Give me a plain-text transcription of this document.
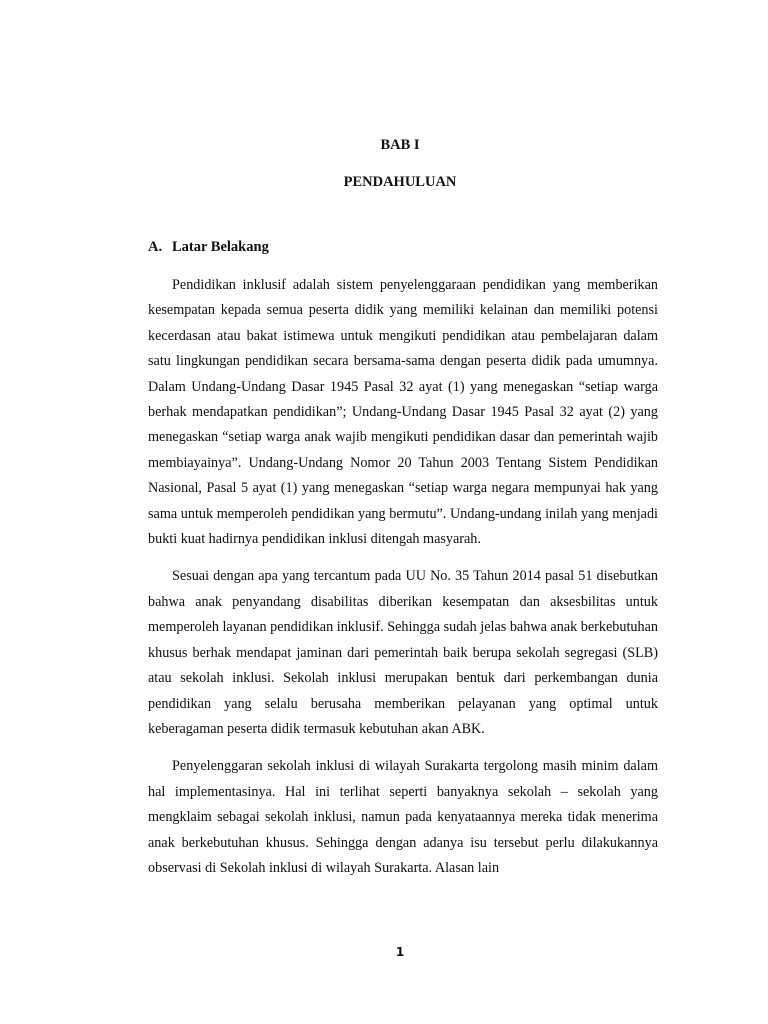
BAB I
PENDAHULUAN
A. Latar Belakang

Pendidikan inklusif adalah sistem penyelenggaraan pendidikan yang memberikan kesempatan kepada semua peserta didik yang memiliki kelainan dan memiliki potensi kecerdasan atau bakat istimewa untuk mengikuti pendidikan atau pembelajaran dalam satu lingkungan pendidikan secara bersama-sama dengan peserta didik pada umumnya. Dalam Undang-Undang Dasar 1945 Pasal 32 ayat (1) yang menegaskan “setiap warga berhak mendapatkan pendidikan”; Undang-Undang Dasar 1945 Pasal 32 ayat (2) yang menegaskan “setiap warga anak wajib mengikuti pendidikan dasar dan pemerintah wajib membiayainya”. Undang-Undang Nomor 20 Tahun 2003 Tentang Sistem Pendidikan Nasional, Pasal 5 ayat (1) yang menegaskan “setiap warga negara mempunyai hak yang sama untuk memperoleh pendidikan yang bermutu”. Undang-undang inilah yang menjadi bukti kuat hadirnya pendidikan inklusi ditengah masyarah.

Sesuai dengan apa yang tercantum pada UU No. 35 Tahun 2014 pasal 51 disebutkan bahwa anak penyandang disabilitas diberikan kesempatan dan aksesbilitas untuk memperoleh layanan pendidikan inklusif. Sehingga sudah jelas bahwa anak berkebutuhan khusus berhak mendapat jaminan dari pemerintah baik berupa sekolah segregasi (SLB) atau sekolah inklusi. Sekolah inklusi merupakan bentuk dari perkembangan dunia pendidikan yang selalu berusaha memberikan pelayanan yang optimal untuk keberagaman peserta didik termasuk kebutuhan akan ABK.

Penyelenggaran sekolah inklusi di wilayah Surakarta tergolong masih minim dalam hal implementasinya. Hal ini terlihat seperti banyaknya sekolah – sekolah yang mengklaim sebagai sekolah inklusi, namun pada kenyataannya mereka tidak menerima anak berkebutuhan khusus. Sehingga dengan adanya isu tersebut perlu dilakukannya observasi di Sekolah inklusi di wilayah Surakarta. Alasan lain

1
